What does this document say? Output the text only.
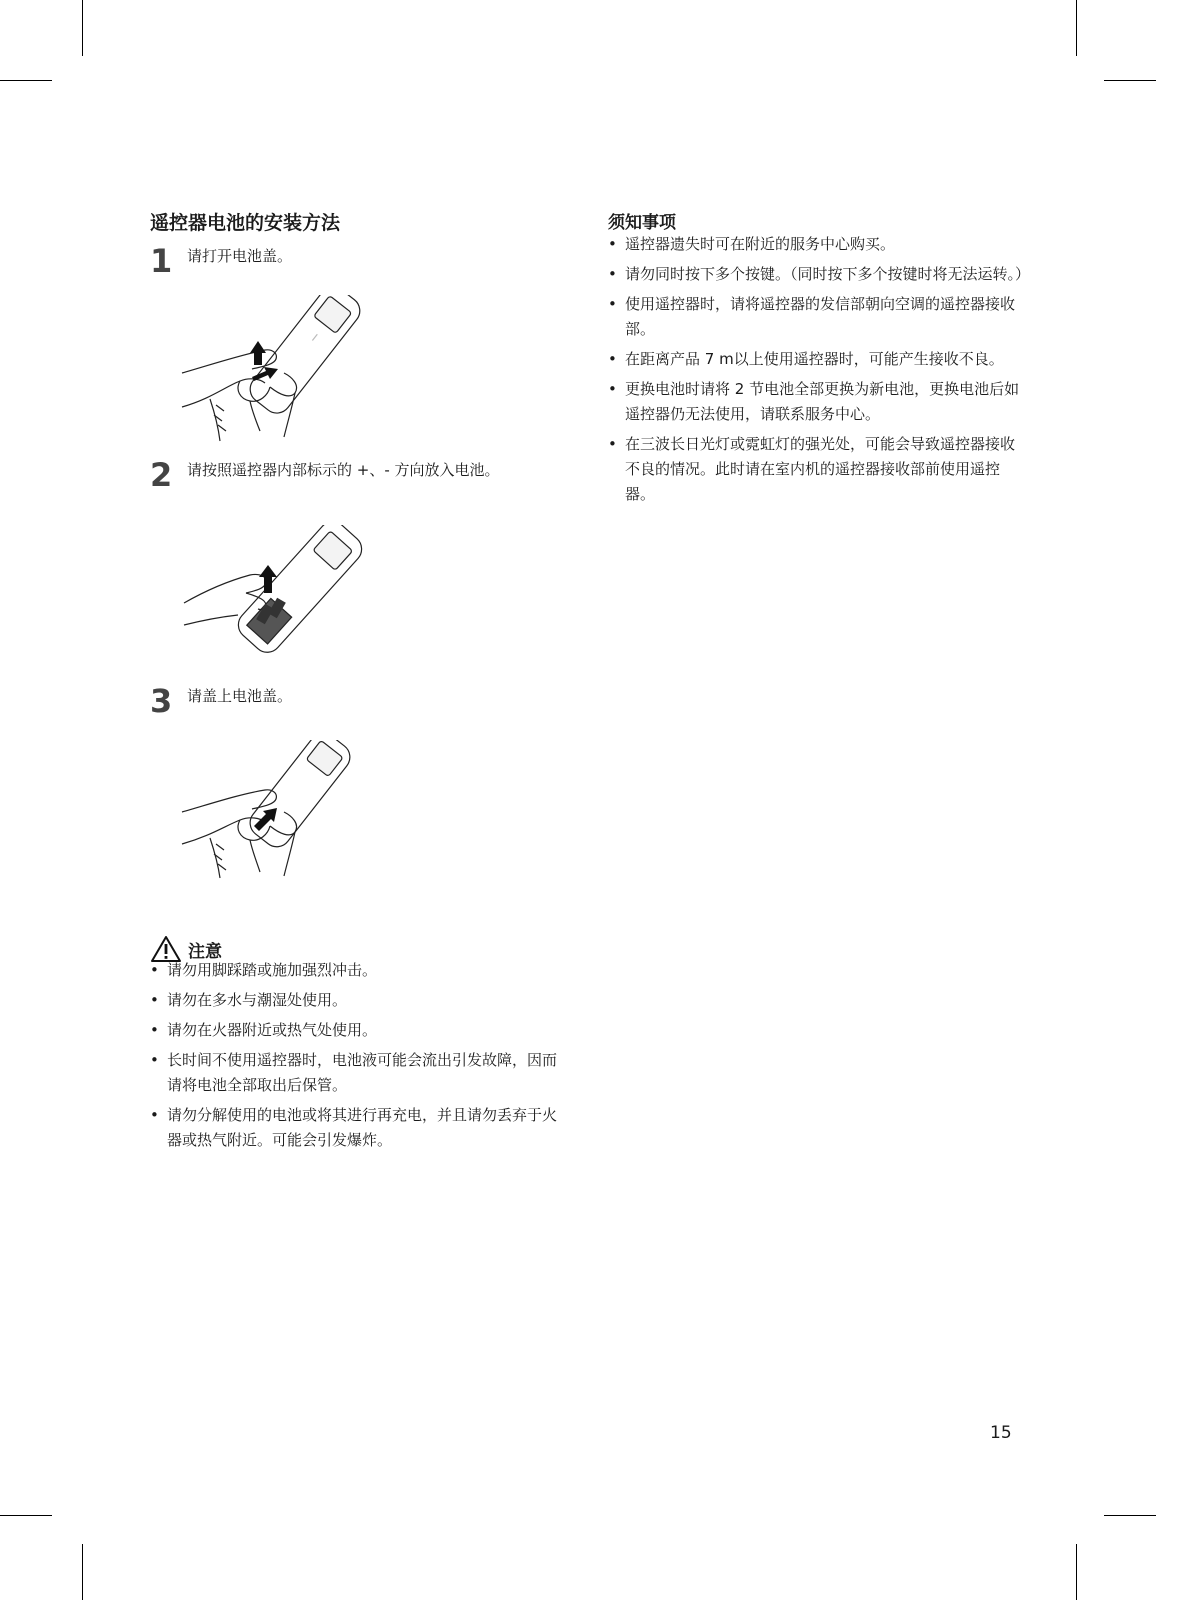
遥控器电池的安装方法
1 请打开电池盖。
2 请按照遥控器内部标示的 +、- 方向放入电池。
3 请盖上电池盖。
注意
• 请勿用脚踩踏或施加强烈冲击。
• 请勿在多水与潮湿处使用。
• 请勿在火器附近或热气处使用。
• 长时间不使用遥控器时，电池液可能会流出引发故障，因而请将电池全部取出后保管。
• 请勿分解使用的电池或将其进行再充电，并且请勿丢弃于火器或热气附近。可能会引发爆炸。
须知事项
• 遥控器遗失时可在附近的服务中心购买。
• 请勿同时按下多个按键。（同时按下多个按键时将无法运转。）
• 使用遥控器时，请将遥控器的发信部朝向空调的遥控器接收部。
• 在距离产品 7 m以上使用遥控器时，可能产生接收不良。
• 更换电池时请将 2 节电池全部更换为新电池，更换电池后如遥控器仍无法使用，请联系服务中心。
• 在三波长日光灯或霓虹灯的强光处，可能会导致遥控器接收不良的情况。此时请在室内机的遥控器接收部前使用遥控器。
15
